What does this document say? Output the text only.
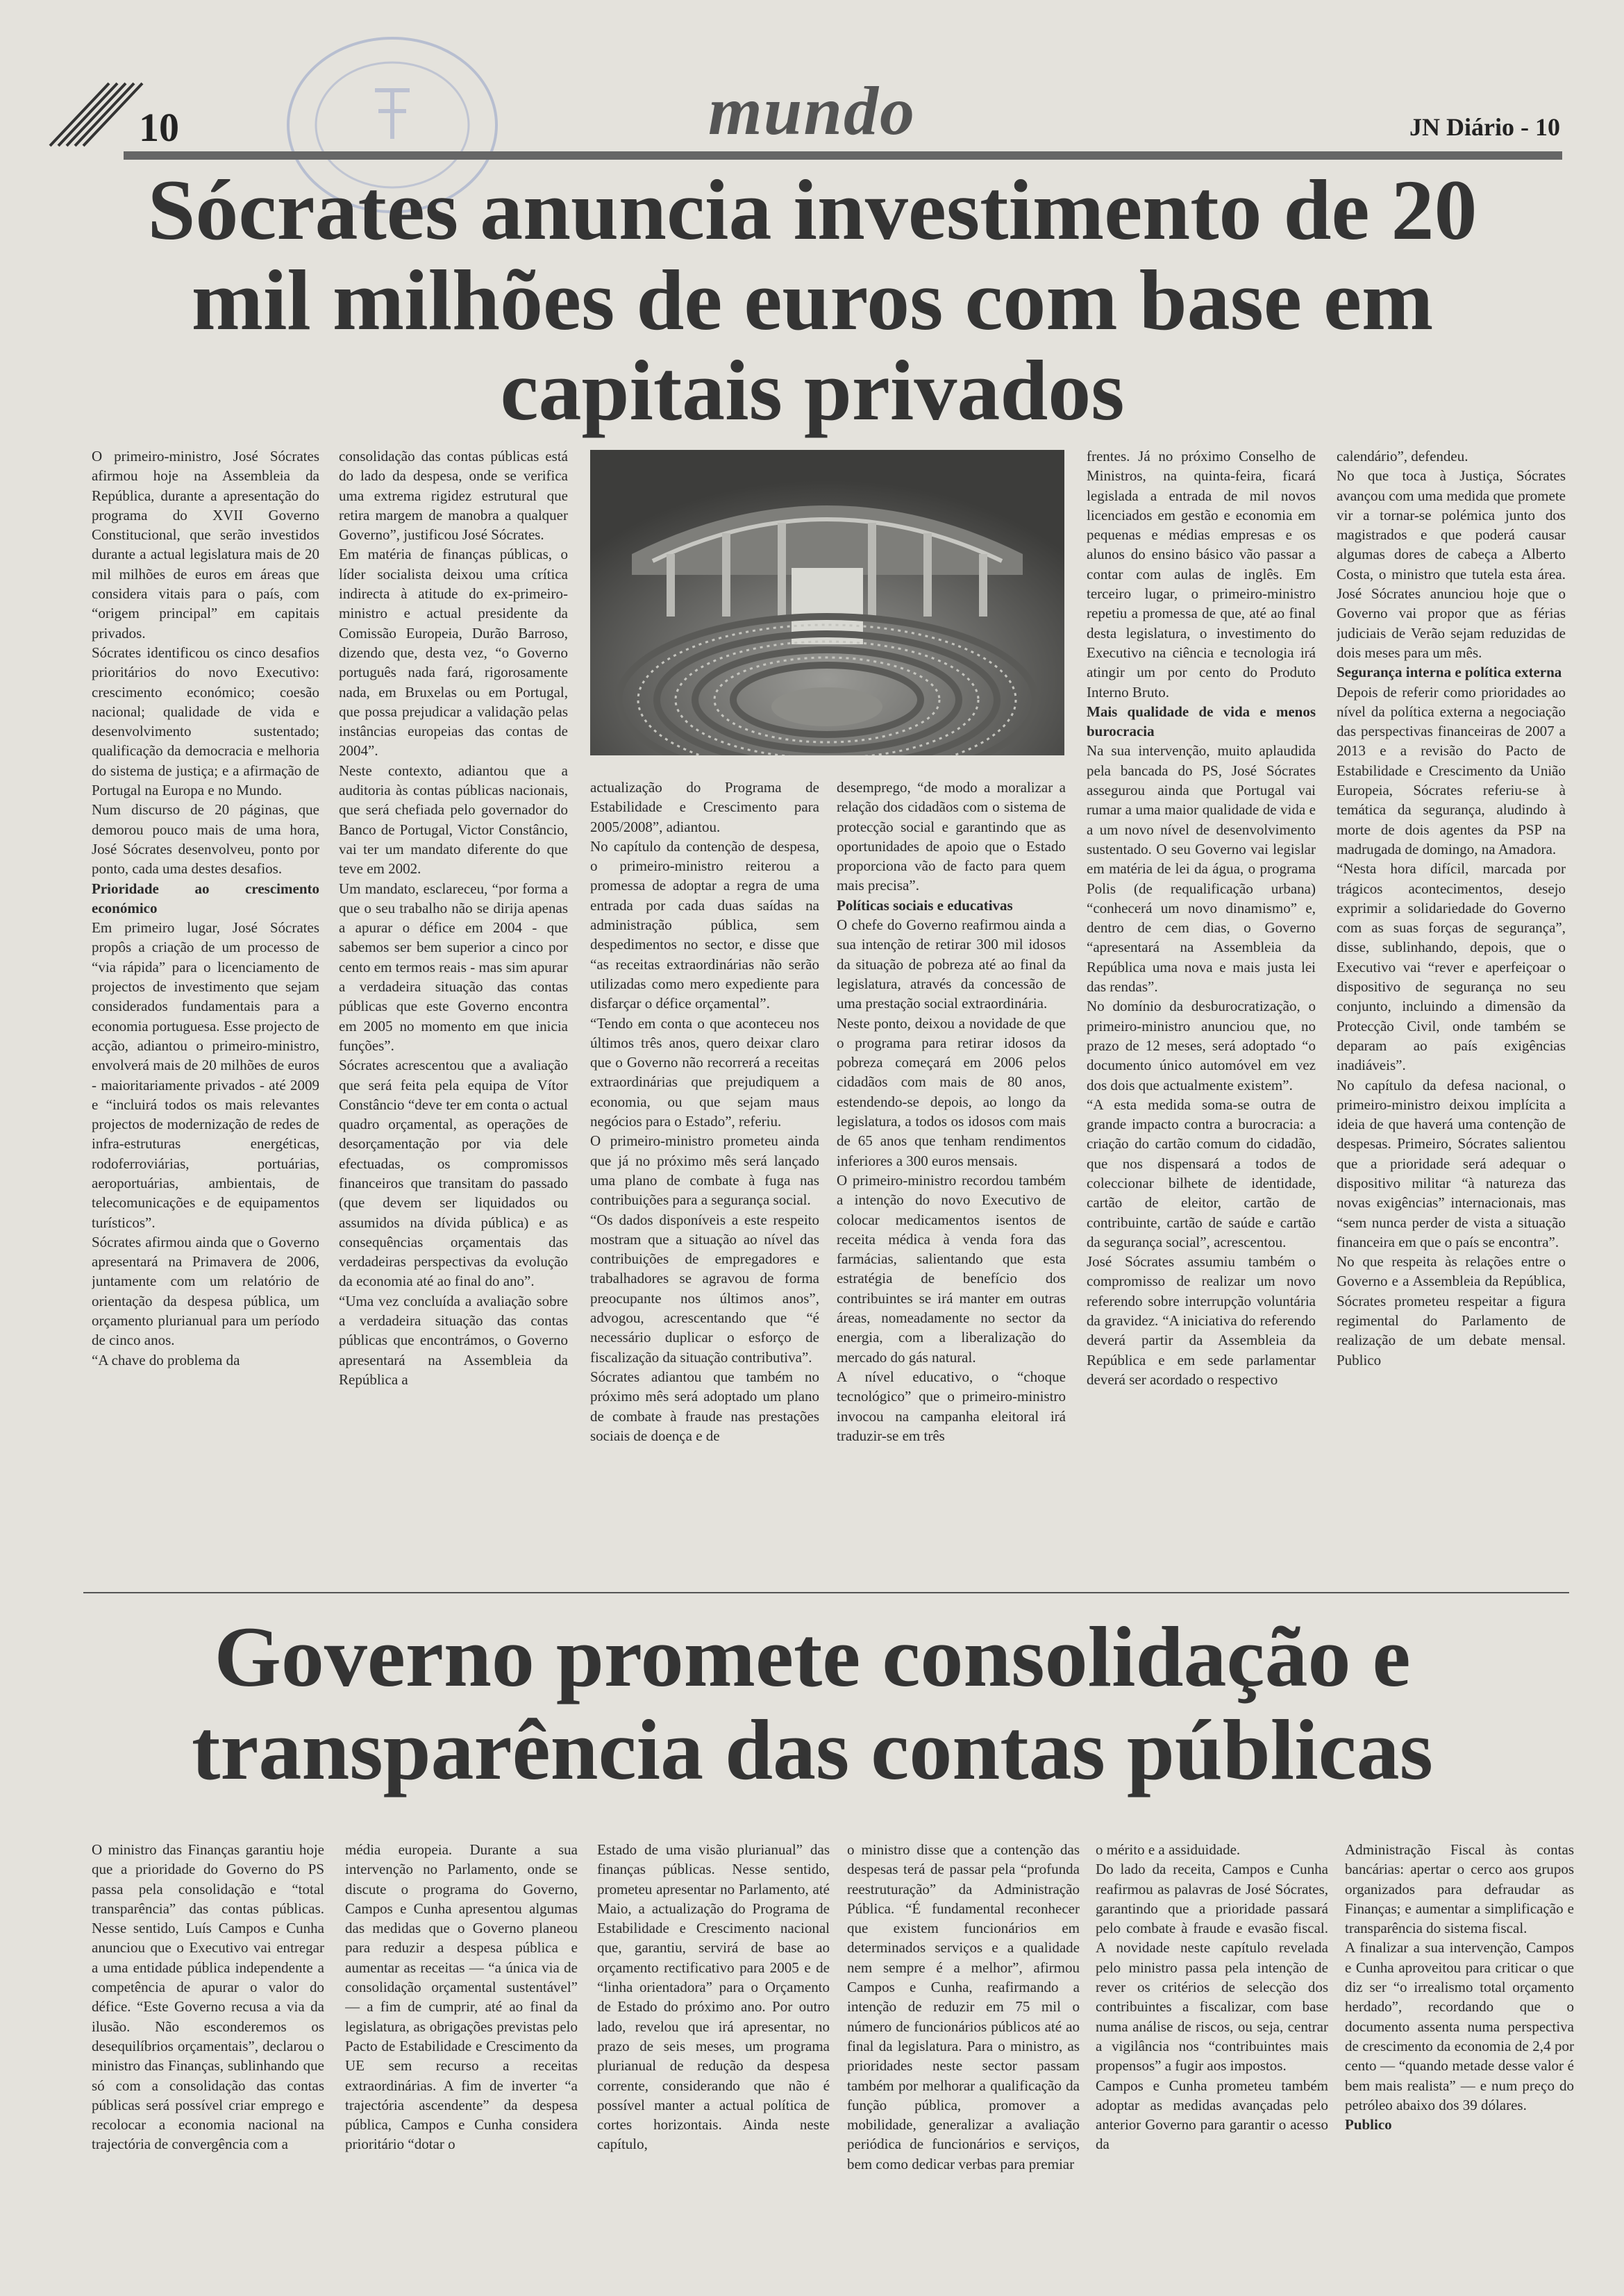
10	mundo	JN Diário - 10
Sócrates anuncia investimento de 20
mil milhões de euros com base em
capitais privados

O primeiro-ministro, José Sócrates afirmou hoje na Assembleia da República, durante a apresentação do programa do XVII Governo Constitucional, que serão investidos durante a actual legislatura mais de 20 mil milhões de euros em áreas que considera vitais para o país, com “origem principal” em capitais privados.

Sócrates identificou os cinco desafios prioritários do novo Executivo: crescimento económico; coesão nacional; qualidade de vida e desenvolvimento sustentado; qualificação da democracia e melhoria do sistema de justiça; e a afirmação de Portugal na Europa e no Mundo.

Num discurso de 20 páginas, que demorou pouco mais de uma hora, José Sócrates desenvolveu, ponto por ponto, cada uma destes desafios.

Prioridade ao crescimento económico

Em primeiro lugar, José Sócrates propôs a criação de um processo de “via rápida” para o licenciamento de projectos de investimento que sejam considerados fundamentais para a economia portuguesa. Esse projecto de acção, adiantou o primeiro-ministro, envolverá mais de 20 milhões de euros - maioritariamente privados - até 2009 e “incluirá todos os mais relevantes projectos de modernização de redes de infra-estruturas energéticas, rodoferroviárias, portuárias, aeroportuárias, ambientais, de telecomunicações e de equipamentos turísticos”.

Sócrates afirmou ainda que o Governo apresentará na Primavera de 2006, juntamente com um relatório de orientação da despesa pública, um orçamento plurianual para um período de cinco anos.

“A chave do problema da

consolidação das contas públicas está do lado da despesa, onde se verifica uma extrema rigidez estrutural que retira margem de manobra a qualquer Governo”, justificou José Sócrates.

Em matéria de finanças públicas, o líder socialista deixou uma crítica indirecta à atitude do ex-primeiro-ministro e actual presidente da Comissão Europeia, Durão Barroso, dizendo que, desta vez, “o Governo português nada fará, rigorosamente nada, em Bruxelas ou em Portugal, que possa prejudicar a validação pelas instâncias europeias das contas de 2004”.

Neste contexto, adiantou que a auditoria às contas públicas nacionais, que será chefiada pelo governador do Banco de Portugal, Victor Constâncio, vai ter um mandato diferente do que teve em 2002.

Um mandato, esclareceu, “por forma a que o seu trabalho não se dirija apenas a apurar o défice em 2004 - que sabemos ser bem superior a cinco por cento em termos reais - mas sim apurar a verdadeira situação das contas públicas que este Governo encontra em 2005 no momento em que inicia funções”.

Sócrates acrescentou que a avaliação que será feita pela equipa de Vítor Constâncio “deve ter em conta o actual quadro orçamental, as operações de desorçamentação por via dele efectuadas, os compromissos financeiros que transitam do passado (que devem ser liquidados ou assumidos na dívida pública) e as consequências orçamentais das verdadeiras perspectivas da evolução da economia até ao final do ano”.

“Uma vez concluída a avaliação sobre a verdadeira situação das contas públicas que encontrámos, o Governo apresentará na Assembleia da República a

actualização do Programa de Estabilidade e Crescimento para 2005/2008”, adiantou.

No capítulo da contenção de despesa, o primeiro-ministro reiterou a promessa de adoptar a regra de uma entrada por cada duas saídas na administração pública, sem despedimentos no sector, e disse que “as receitas extraordinárias não serão utilizadas como mero expediente para disfarçar o défice orçamental”.

“Tendo em conta o que aconteceu nos últimos três anos, quero deixar claro que o Governo não recorrerá a receitas extraordinárias que prejudiquem a economia, ou que sejam maus negócios para o Estado”, referiu.

O primeiro-ministro prometeu ainda que já no próximo mês será lançado uma plano de combate à fuga nas contribuições para a segurança social.

“Os dados disponíveis a este respeito mostram que a situação ao nível das contribuições de empregadores e trabalhadores se agravou de forma preocupante nos últimos anos”, advogou, acrescentando que “é necessário duplicar o esforço de fiscalização da situação contributiva”.

Sócrates adiantou que também no próximo mês será adoptado um plano de combate à fraude nas prestações sociais de doença e de

desemprego, “de modo a moralizar a relação dos cidadãos com o sistema de protecção social e garantindo que as oportunidades de apoio que o Estado proporciona vão de facto para quem mais precisa”.

Políticas sociais e educativas

O chefe do Governo reafirmou ainda a sua intenção de retirar 300 mil idosos da situação de pobreza até ao final da legislatura, através da concessão de uma prestação social extraordinária.

Neste ponto, deixou a novidade de que o programa para retirar idosos da pobreza começará em 2006 pelos cidadãos com mais de 80 anos, estendendo-se depois, ao longo da legislatura, a todos os idosos com mais de 65 anos que tenham rendimentos inferiores a 300 euros mensais.

O primeiro-ministro recordou também a intenção do novo Executivo de colocar medicamentos isentos de receita médica à venda fora das farmácias, salientando que esta estratégia de benefício dos contribuintes se irá manter em outras áreas, nomeadamente no sector da energia, com a liberalização do mercado do gás natural.

A nível educativo, o “choque tecnológico” que o primeiro-ministro invocou na campanha eleitoral irá traduzir-se em três

frentes. Já no próximo Conselho de Ministros, na quinta-feira, ficará legislada a entrada de mil novos licenciados em gestão e economia em pequenas e médias empresas e os alunos do ensino básico vão passar a contar com aulas de inglês. Em terceiro lugar, o primeiro-ministro repetiu a promessa de que, até ao final desta legislatura, o investimento do Executivo na ciência e tecnologia irá atingir um por cento do Produto Interno Bruto.

Mais qualidade de vida e menos burocracia

Na sua intervenção, muito aplaudida pela bancada do PS, José Sócrates assegurou ainda que Portugal vai rumar a uma maior qualidade de vida e a um novo nível de desenvolvimento sustentado. O seu Governo vai legislar em matéria de lei da água, o programa Polis (de requalificação urbana) “conhecerá um novo dinamismo” e, dentro de cem dias, o Governo “apresentará na Assembleia da República uma nova e mais justa lei das rendas”.

No domínio da desburocratização, o primeiro-ministro anunciou que, no prazo de 12 meses, será adoptado “o documento único automóvel em vez dos dois que actualmente existem”.

“A esta medida soma-se outra de grande impacto contra a burocracia: a criação do cartão comum do cidadão, que nos dispensará a todos de coleccionar bilhete de identidade, cartão de eleitor, cartão de contribuinte, cartão de saúde e cartão da segurança social”, acrescentou.

José Sócrates assumiu também o compromisso de realizar um novo referendo sobre interrupção voluntária da gravidez. “A iniciativa do referendo deverá partir da Assembleia da República e em sede parlamentar deverá ser acordado o respectivo

calendário”, defendeu.

No que toca à Justiça, Sócrates avançou com uma medida que promete vir a tornar-se polémica junto dos magistrados e que poderá causar algumas dores de cabeça a Alberto Costa, o ministro que tutela esta área. José Sócrates anunciou hoje que o Governo vai propor que as férias judiciais de Verão sejam reduzidas de dois meses para um mês.

Segurança interna e política externa

Depois de referir como prioridades ao nível da política externa a negociação das perspectivas financeiras de 2007 a 2013 e a revisão do Pacto de Estabilidade e Crescimento da União Europeia, Sócrates referiu-se à temática da segurança, aludindo à morte de dois agentes da PSP na madrugada de domingo, na Amadora.

“Nesta hora difícil, marcada por trágicos acontecimentos, desejo exprimir a solidariedade do Governo com as suas forças de segurança”, disse, sublinhando, depois, que o Executivo vai “rever e aperfeiçoar o dispositivo de segurança no seu conjunto, incluindo a dimensão da Protecção Civil, onde também se deparam ao país exigências inadiáveis”.

No capítulo da defesa nacional, o primeiro-ministro deixou implícita a ideia de que haverá uma contenção de despesas. Primeiro, Sócrates salientou que a prioridade será adequar o dispositivo militar “à natureza das novas exigências” internacionais, mas “sem nunca perder de vista a situação financeira em que o país se encontra”.

No que respeita às relações entre o Governo e a Assembleia da República, Sócrates prometeu respeitar a figura regimental do Parlamento de realização de um debate mensal. Publico

Governo promete consolidação e
transparência das contas públicas

O ministro das Finanças garantiu hoje que a prioridade do Governo do PS passa pela consolidação e “total transparência” das contas públicas. Nesse sentido, Luís Campos e Cunha anunciou que o Executivo vai entregar a uma entidade pública independente a competência de apurar o valor do défice. “Este Governo recusa a via da ilusão. Não esconderemos os desequilíbrios orçamentais”, declarou o ministro das Finanças, sublinhando que só com a consolidação das contas públicas será possível criar emprego e recolocar a economia nacional na trajectória de convergência com a

média europeia. Durante a sua intervenção no Parlamento, onde se discute o programa do Governo, Campos e Cunha apresentou algumas das medidas que o Governo planeou para reduzir a despesa pública e aumentar as receitas — “a única via de consolidação orçamental sustentável” — a fim de cumprir, até ao final da legislatura, as obrigações previstas pelo Pacto de Estabilidade e Crescimento da UE sem recurso a receitas extraordinárias. A fim de inverter “a trajectória ascendente” da despesa pública, Campos e Cunha considera prioritário “dotar o

Estado de uma visão plurianual” das finanças públicas. Nesse sentido, prometeu apresentar no Parlamento, até Maio, a actualização do Programa de Estabilidade e Crescimento nacional que, garantiu, servirá de base ao orçamento rectificativo para 2005 e de “linha orientadora” para o Orçamento de Estado do próximo ano. Por outro lado, revelou que irá apresentar, no prazo de seis meses, um programa plurianual de redução da despesa corrente, considerando que não é possível manter a actual política de cortes horizontais. Ainda neste capítulo,

o ministro disse que a contenção das despesas terá de passar pela “profunda reestruturação” da Administração Pública. “É fundamental reconhecer que existem funcionários em determinados serviços e a qualidade nem sempre é a melhor”, afirmou Campos e Cunha, reafirmando a intenção de reduzir em 75 mil o número de funcionários públicos até ao final da legislatura. Para o ministro, as prioridades neste sector passam também por melhorar a qualificação da função pública, promover a mobilidade, generalizar a avaliação periódica de funcionários e serviços, bem como dedicar verbas para premiar

o mérito e a assiduidade.

Do lado da receita, Campos e Cunha reafirmou as palavras de José Sócrates, garantindo que a prioridade passará pelo combate à fraude e evasão fiscal. A novidade neste capítulo revelada pelo ministro passa pela intenção de rever os critérios de selecção dos contribuintes a fiscalizar, com base numa análise de riscos, ou seja, centrar a vigilância nos “contribuintes mais propensos” a fugir aos impostos.

Campos e Cunha prometeu também adoptar as medidas avançadas pelo anterior Governo para garantir o acesso da

Administração Fiscal às contas bancárias: apertar o cerco aos grupos organizados para defraudar as Finanças; e aumentar a simplificação e transparência do sistema fiscal.

A finalizar a sua intervenção, Campos e Cunha aproveitou para criticar o que diz ser “o irrealismo total orçamento herdado”, recordando que o documento assenta numa perspectiva de crescimento da economia de 2,4 por cento — “quando metade desse valor é bem mais realista” — e num preço do petróleo abaixo dos 39 dólares.

Publico
